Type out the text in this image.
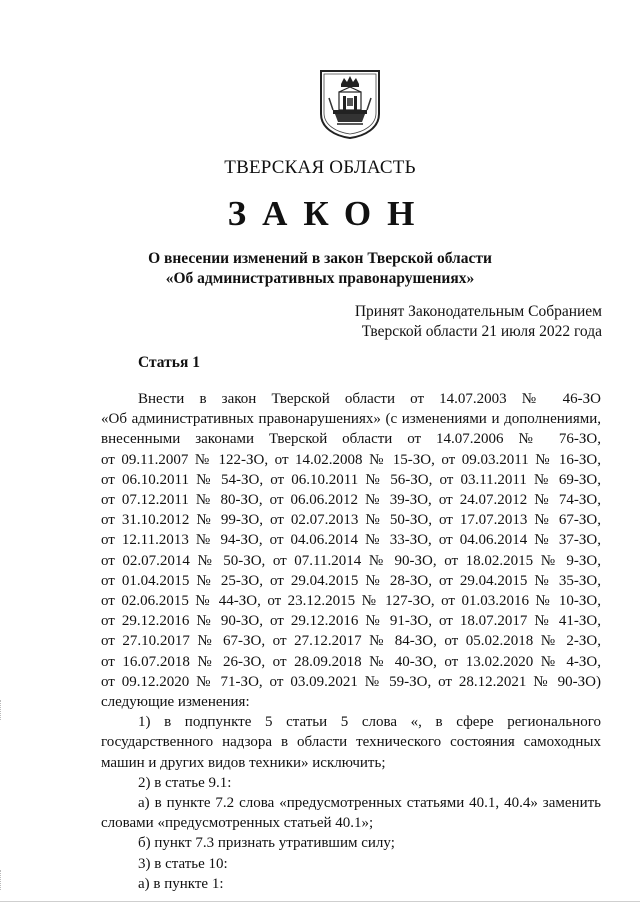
ТВЕРСКАЯ ОБЛАСТЬ
ЗАКОН
О внесении изменений в закон Тверской области
«Об административных правонарушениях»
Принят Законодательным Собранием
Тверской области 21 июля 2022 года
Статья 1
Внести в закон Тверской области от 14.07.2003 № 46-ЗО
«Об административных правонарушениях» (с изменениями и дополнениями,
внесенными законами Тверской области от 14.07.2006 № 76-ЗО,
от 09.11.2007 № 122-ЗО, от 14.02.2008 № 15-ЗО, от 09.03.2011 № 16-ЗО,
от 06.10.2011 № 54-ЗО, от 06.10.2011 № 56-ЗО, от 03.11.2011 № 69-ЗО,
от 07.12.2011 № 80-ЗО, от 06.06.2012 № 39-ЗО, от 24.07.2012 № 74-ЗО,
от 31.10.2012 № 99-ЗО, от 02.07.2013 № 50-ЗО, от 17.07.2013 № 67-ЗО,
от 12.11.2013 № 94-ЗО, от 04.06.2014 № 33-ЗО, от 04.06.2014 № 37-ЗО,
от 02.07.2014 № 50-ЗО, от 07.11.2014 № 90-ЗО, от 18.02.2015 № 9-ЗО,
от 01.04.2015 № 25-ЗО, от 29.04.2015 № 28-ЗО, от 29.04.2015 № 35-ЗО,
от 02.06.2015 № 44-ЗО, от 23.12.2015 № 127-ЗО, от 01.03.2016 № 10-ЗО,
от 29.12.2016 № 90-ЗО, от 29.12.2016 № 91-ЗО, от 18.07.2017 № 41-ЗО,
от 27.10.2017 № 67-ЗО, от 27.12.2017 № 84-ЗО, от 05.02.2018 № 2-ЗО,
от 16.07.2018 № 26-ЗО, от 28.09.2018 № 40-ЗО, от 13.02.2020 № 4-ЗО,
от 09.12.2020 № 71-ЗО, от 03.09.2021 № 59-ЗО, от 28.12.2021 № 90-ЗО)
следующие изменения:
1) в подпункте 5 статьи 5 слова «, в сфере регионального
государственного надзора в области технического состояния самоходных
машин и других видов техники» исключить;
2) в статье 9.1:
а) в пункте 7.2 слова «предусмотренных статьями 40.1, 40.4» заменить
словами «предусмотренных статьей 40.1»;
б) пункт 7.3 признать утратившим силу;
3) в статье 10:
а) в пункте 1:
